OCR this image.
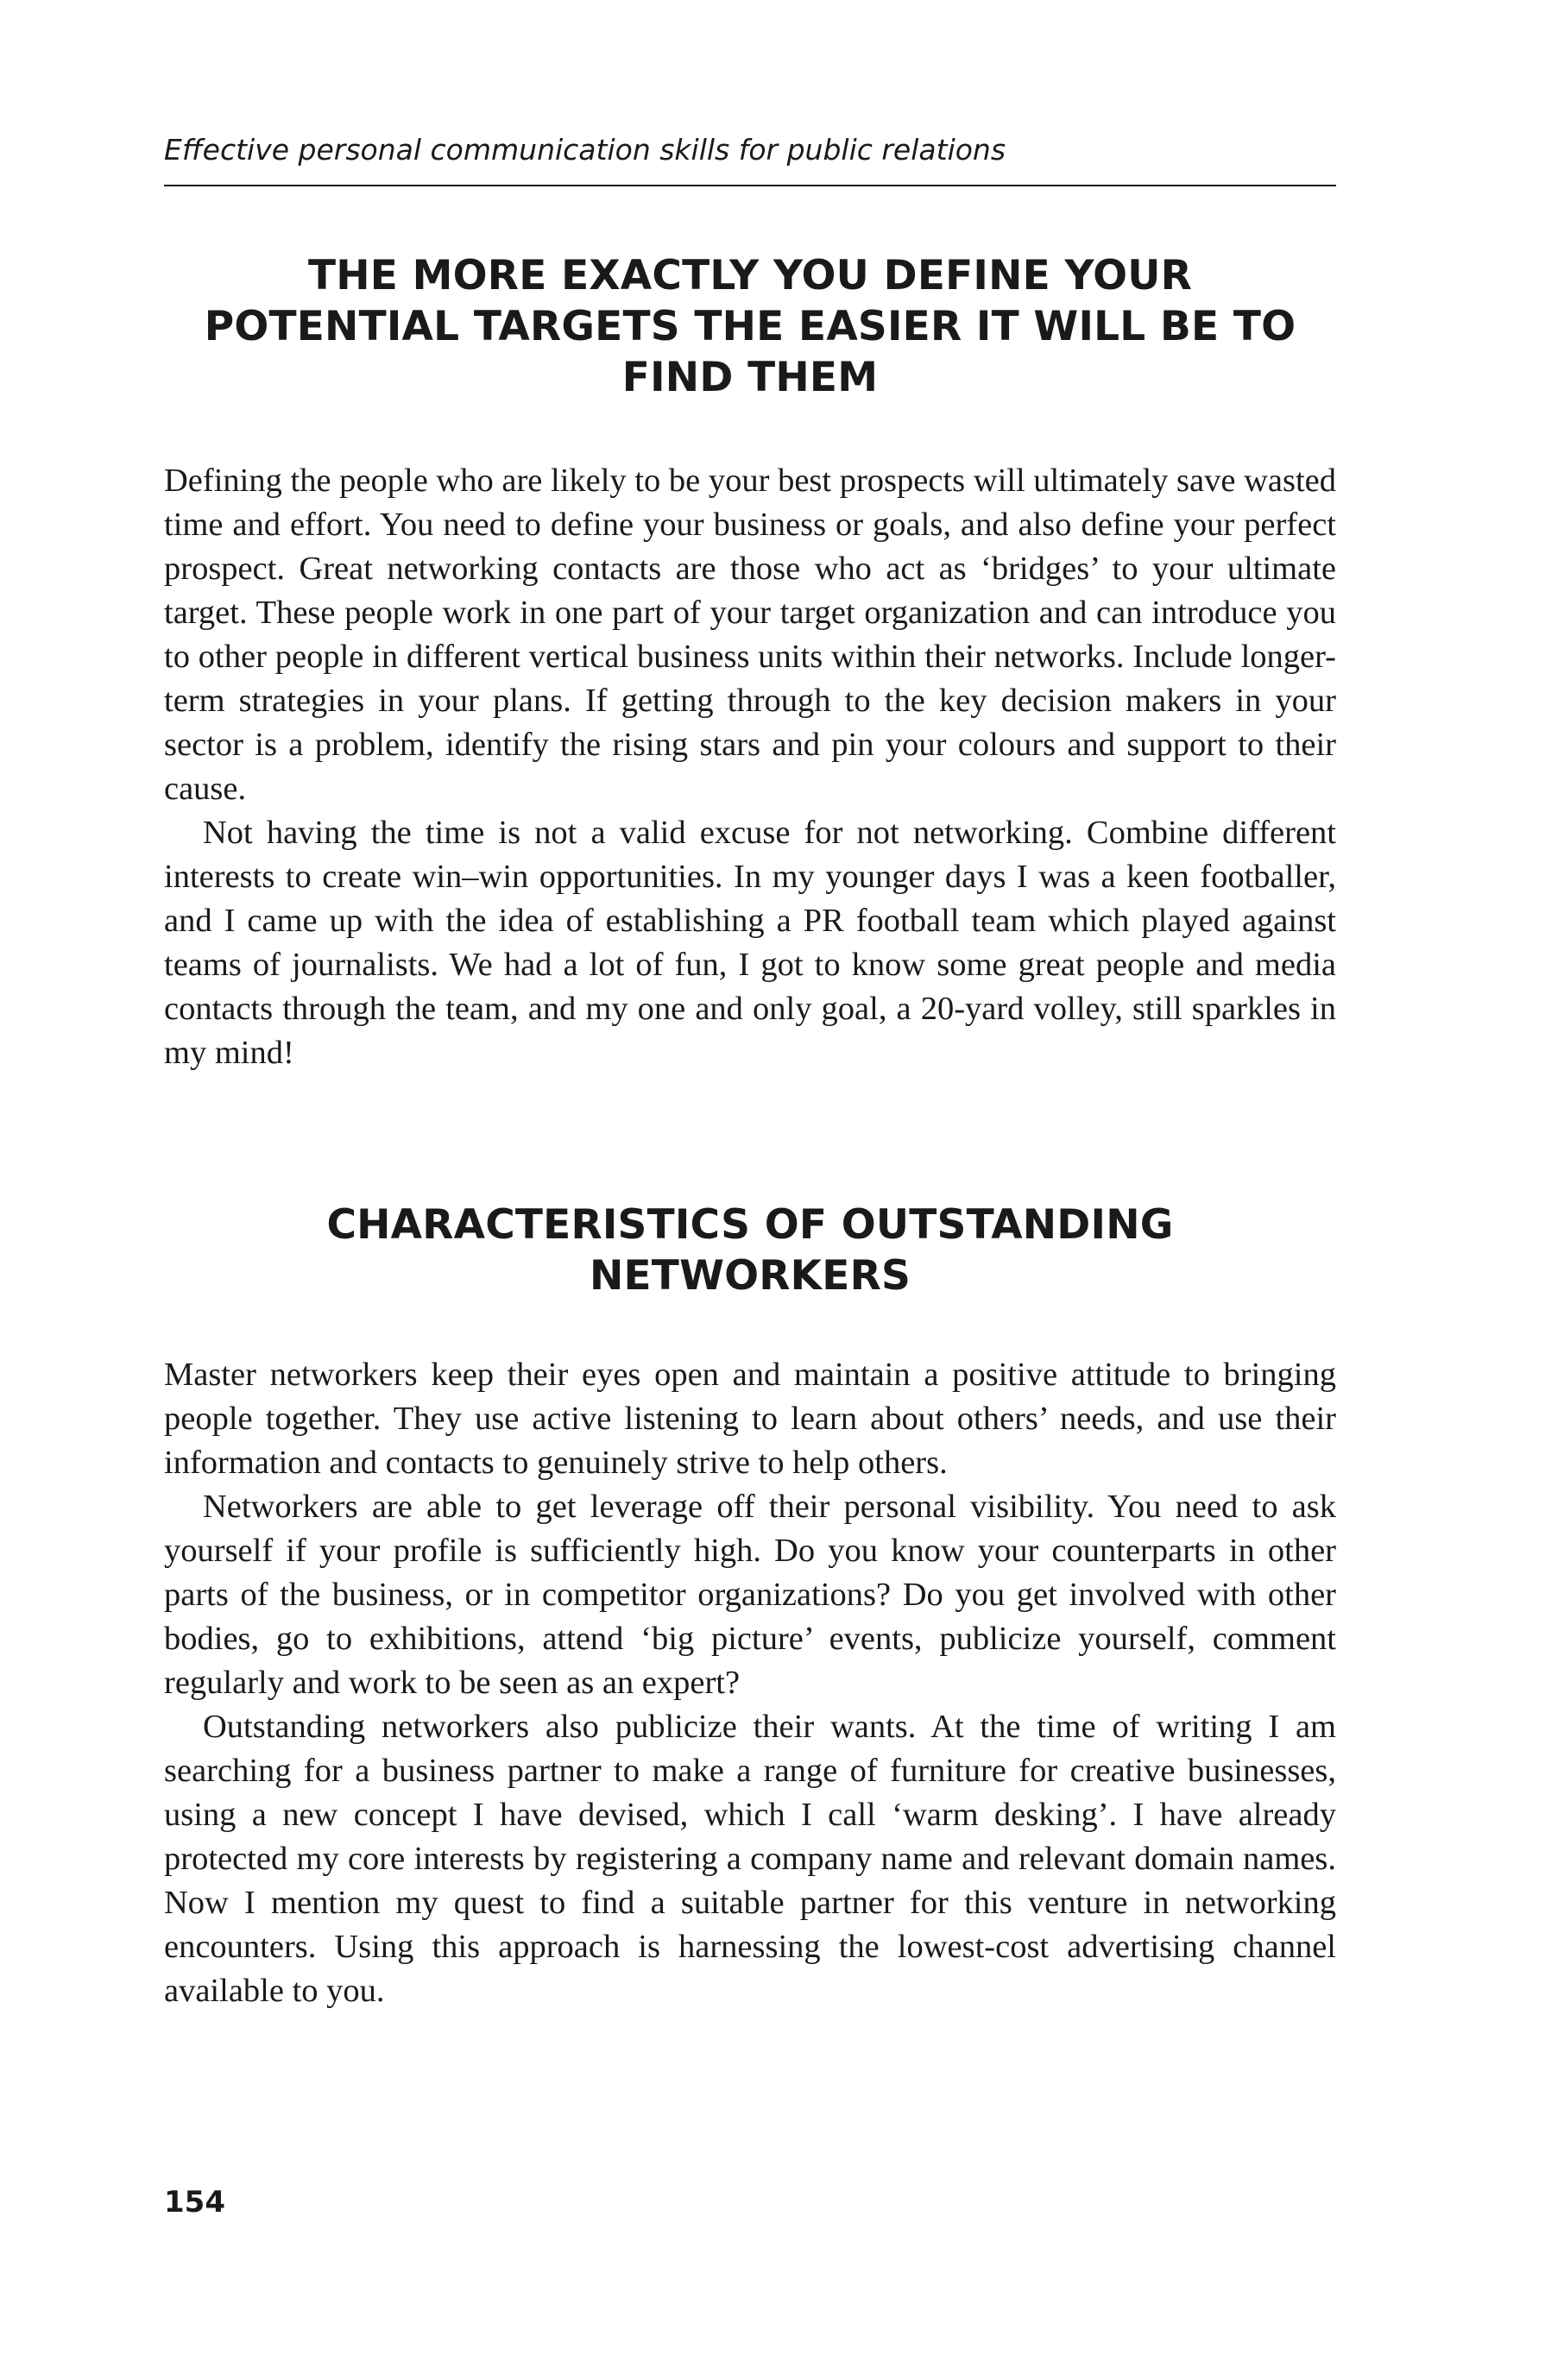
Effective personal communication skills for public relations
THE MORE EXACTLY YOU DEFINE YOUR
POTENTIAL TARGETS THE EASIER IT WILL BE TO
FIND THEM

Defining the people who are likely to be your best prospects will ultimately save wasted time and effort. You need to define your business or goals, and also define your perfect prospect. Great networking contacts are those who act as ‘bridges’ to your ultimate target. These people work in one part of your target organization and can introduce you to other people in different vertical business units within their networks. Include longer-term strategies in your plans. If getting through to the key decision makers in your sector is a problem, identify the rising stars and pin your colours and support to their cause.

Not having the time is not a valid excuse for not networking. Combine different interests to create win–win opportunities. In my younger days I was a keen footballer, and I came up with the idea of establishing a PR football team which played against teams of journalists. We had a lot of fun, I got to know some great people and media contacts through the team, and my one and only goal, a 20-yard volley, still sparkles in my mind!

CHARACTERISTICS OF OUTSTANDING
NETWORKERS

Master networkers keep their eyes open and maintain a positive attitude to bringing people together. They use active listening to learn about others’ needs, and use their information and contacts to genuinely strive to help others.

Networkers are able to get leverage off their personal visibility. You need to ask yourself if your profile is sufficiently high. Do you know your counterparts in other parts of the business, or in competitor organizations? Do you get involved with other bodies, go to exhibitions, attend ‘big picture’ events, publicize yourself, comment regularly and work to be seen as an expert?

Outstanding networkers also publicize their wants. At the time of writing I am searching for a business partner to make a range of furniture for creative businesses, using a new concept I have devised, which I call ‘warm desking’. I have already protected my core interests by registering a company name and relevant domain names. Now I mention my quest to find a suitable partner for this venture in networking encounters. Using this approach is harnessing the lowest-cost advertising channel available to you.

154
